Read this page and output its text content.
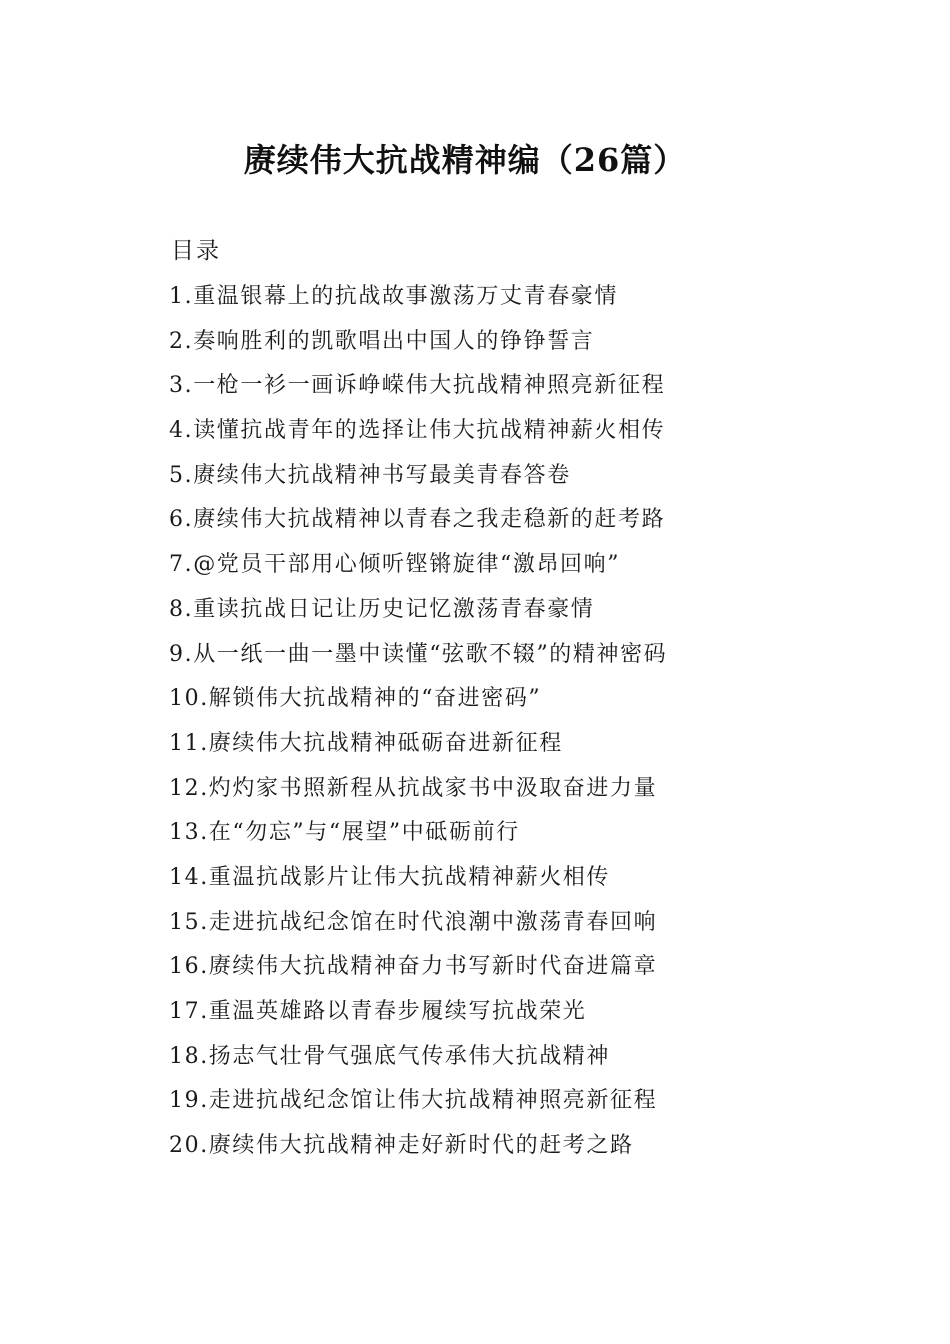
赓续伟大抗战精神编（26篇）
目录
1.重温银幕上的抗战故事激荡万丈青春豪情
2.奏响胜利的凯歌唱出中国人的铮铮誓言
3.一枪一衫一画诉峥嵘伟大抗战精神照亮新征程
4.读懂抗战青年的选择让伟大抗战精神薪火相传
5.赓续伟大抗战精神书写最美青春答卷
6.赓续伟大抗战精神以青春之我走稳新的赶考路
7.@党员干部用心倾听铿锵旋律“激昂回响”
8.重读抗战日记让历史记忆激荡青春豪情
9.从一纸一曲一墨中读懂“弦歌不辍”的精神密码
10.解锁伟大抗战精神的“奋进密码”
11.赓续伟大抗战精神砥砺奋进新征程
12.灼灼家书照新程从抗战家书中汲取奋进力量
13.在“勿忘”与“展望”中砥砺前行
14.重温抗战影片让伟大抗战精神薪火相传
15.走进抗战纪念馆在时代浪潮中激荡青春回响
16.赓续伟大抗战精神奋力书写新时代奋进篇章
17.重温英雄路以青春步履续写抗战荣光
18.扬志气壮骨气强底气传承伟大抗战精神
19.走进抗战纪念馆让伟大抗战精神照亮新征程
20.赓续伟大抗战精神走好新时代的赶考之路
